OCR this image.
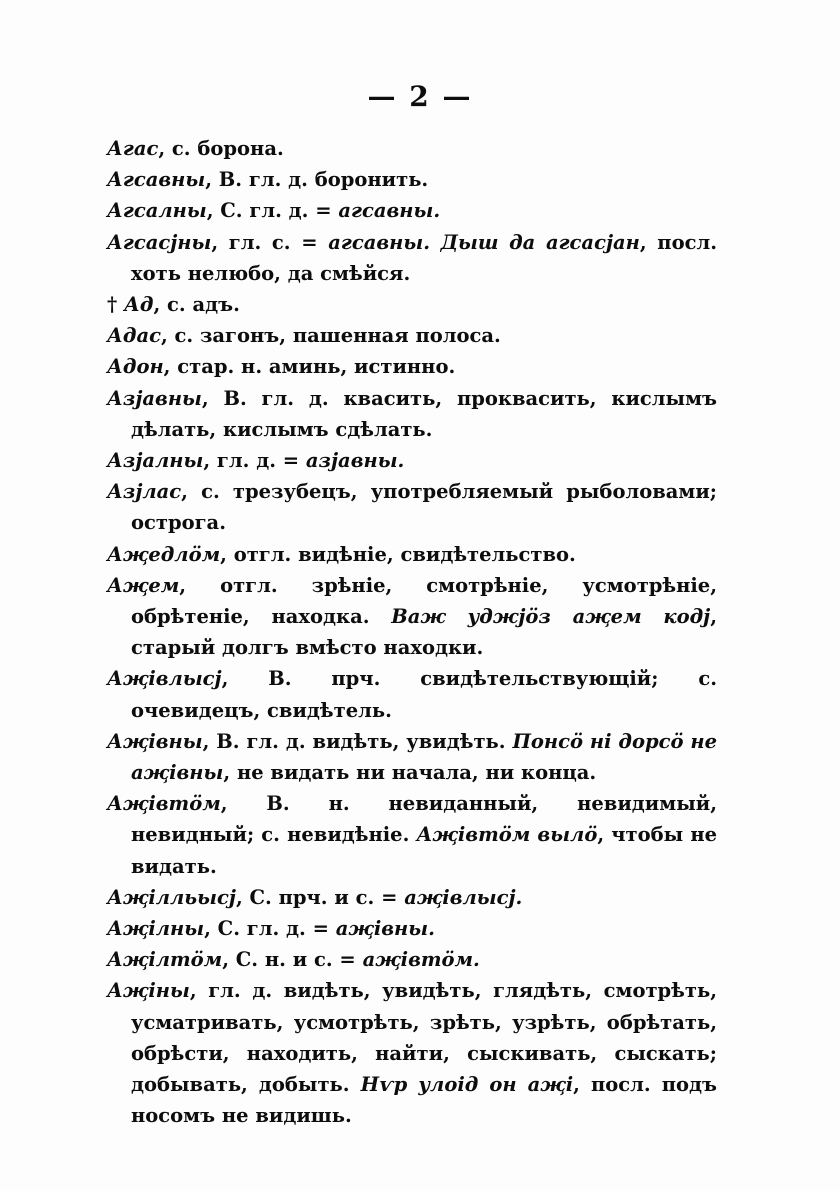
— 2 —

Агас, с. борона.

Агсавны, В. гл. д. боронить.

Агсалны, С. гл. д. = агсавны.

Агсасјны, гл. с. = агсавны. Дыш да агсасјан, посл. хоть нелюбо, да смѣйся.

† Ад, с. адъ.

Адас, с. загонъ, пашенная полоса.

Адон, стар. н. аминь, истинно.

Азјавны, В. гл. д. квасить, прoквасить, кислымъ дѣлать, кислымъ сдѣлать.

Азјалны, гл. д. = азјавны.

Азјлас, с. трезубецъ, употребляемый рыболовами; острога.

Аҗедлӧм, отгл. видѣніе, свидѣтельство.

Аҗем, отгл. зрѣніе, смотрѣніе, усмотрѣніе, обрѣтеніе, находка. Важ уджјӧз аҗем кодј, старый долгъ вмѣсто находки.

Аҗівлысј, В. прч. свидѣтельствующій; с. очевидецъ, свидѣтель.

Аҗівны, В. гл. д. видѣть, увидѣть. Понсӧ ні дорсӧ не аҗівны, не видать ни начала, ни конца.

Аҗівтӧм, В. н. невиданный, невидимый, невидный; с. невидѣніе. Аҗівтӧм вылӧ, чтобы не видать.

Аҗілльысј, С. прч. и с. = аҗівлысј.

Аҗілны, С. гл. д. = аҗівны.

Аҗілтӧм, С. н. и с. = аҗівтӧм.

Аҗіны, гл. д. видѣть, увидѣть, глядѣть, смотрѣть, усматривать, усмотрѣть, зрѣть, узрѣть, обрѣтать, обрѣсти, находить, найти, сыскивать, сыскать; добывать, добыть. Нѵр улоід он аҗі, посл. подъ носомъ не видишь.
